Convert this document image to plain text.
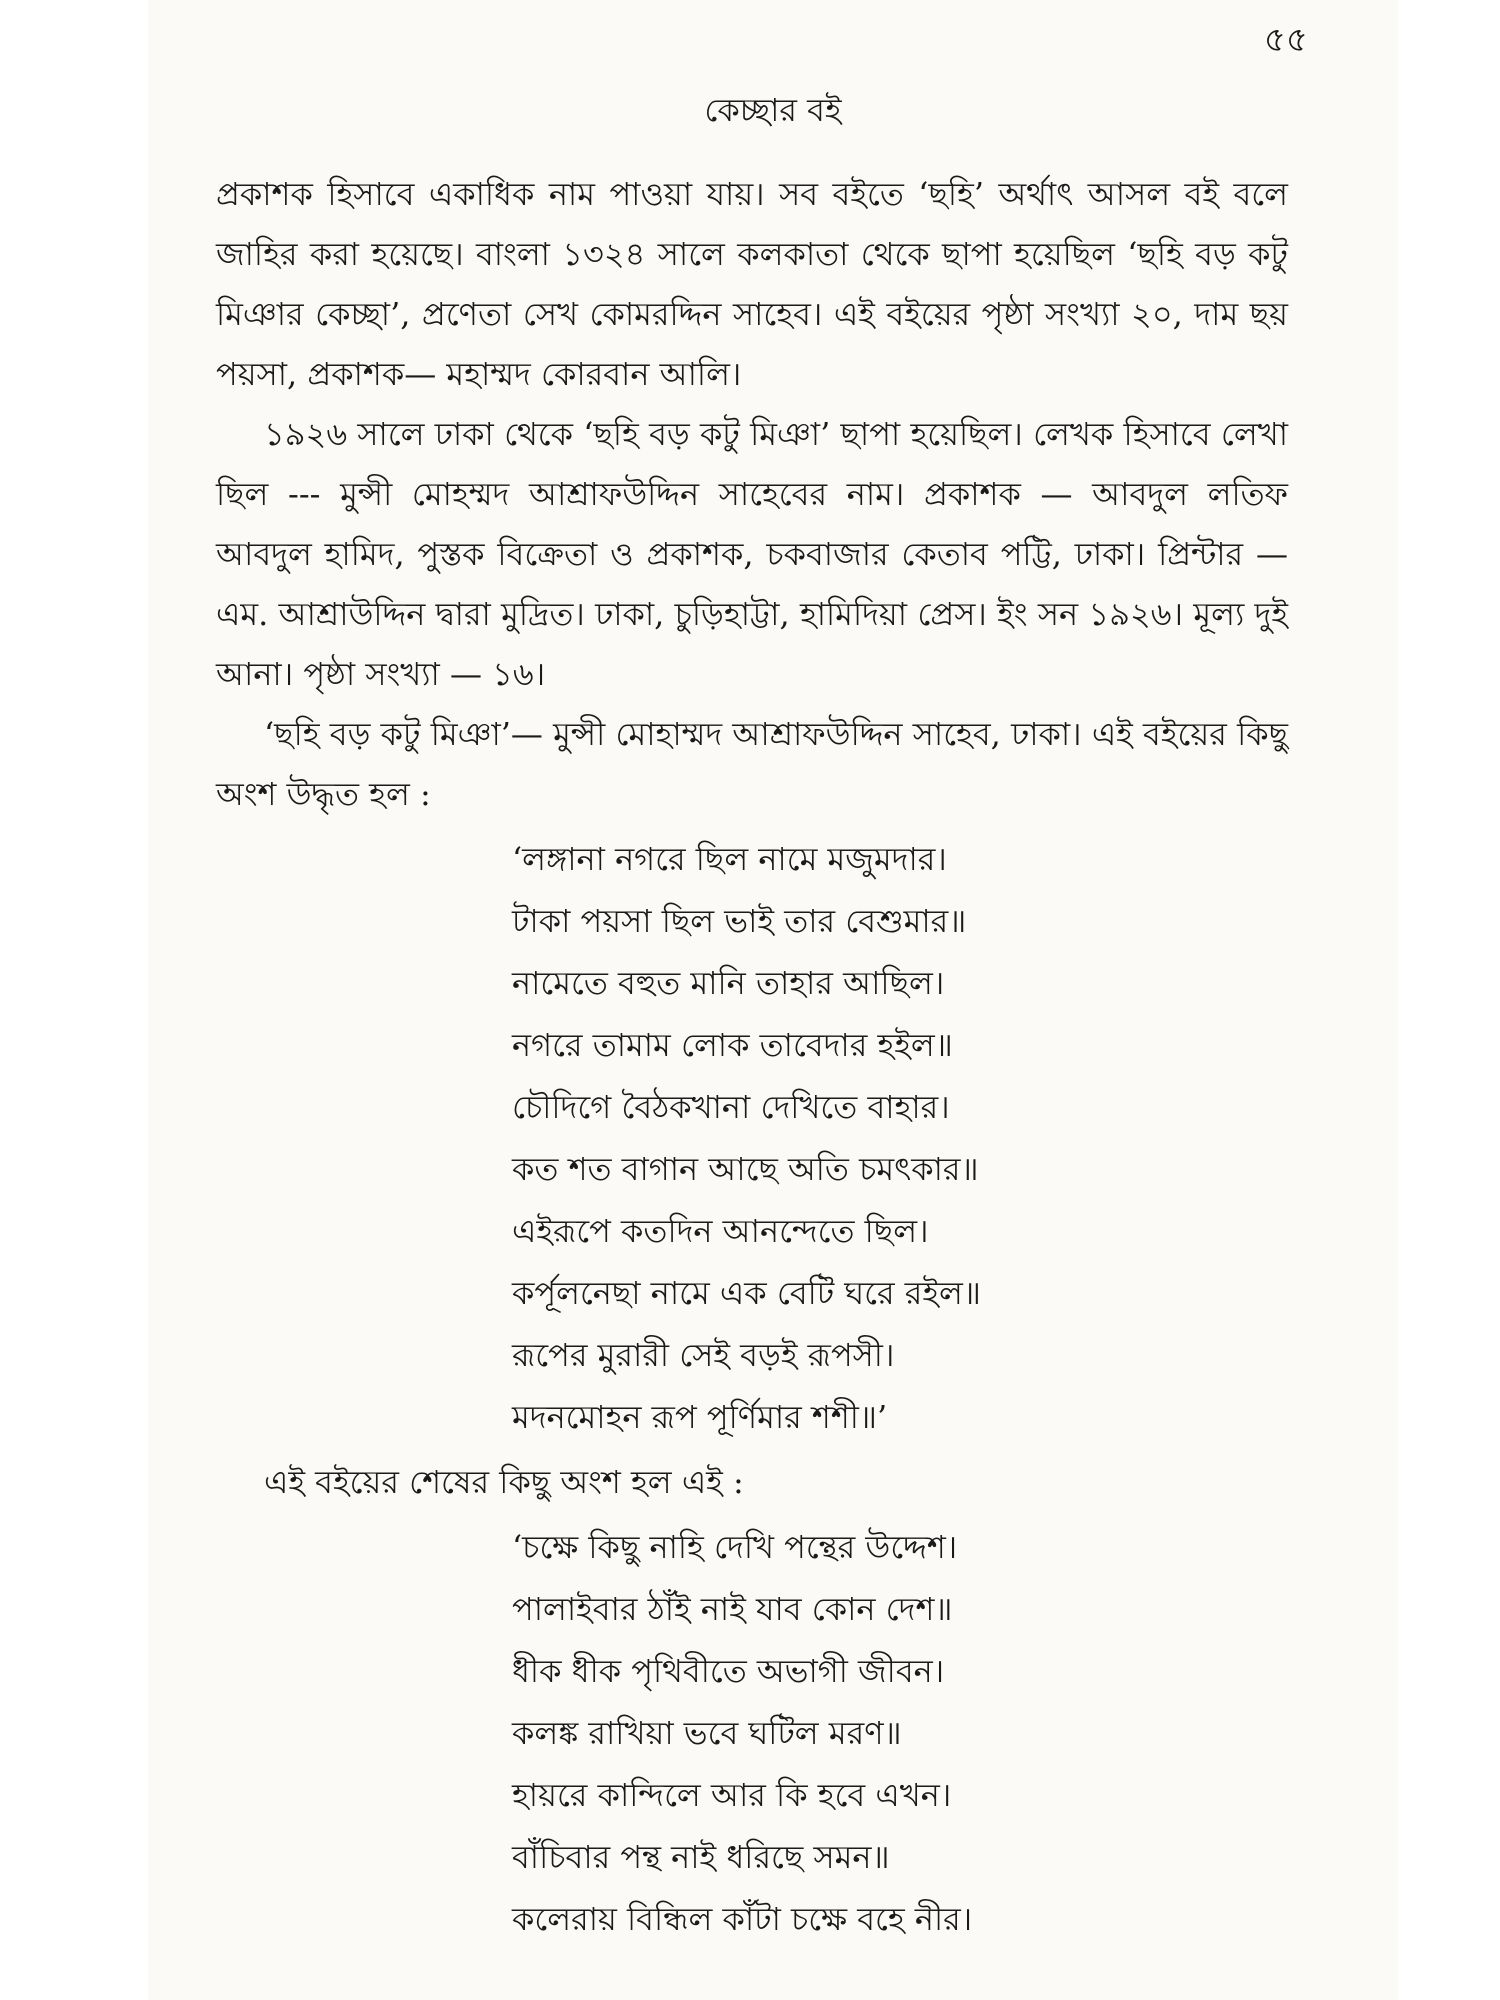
৫৫
কেচ্ছার বই

প্রকাশক হিসাবে একাধিক নাম পাওয়া যায়। সব বইতে ‘ছহি’ অর্থাৎ আসল বই বলে জাহির করা হয়েছে। বাংলা ১৩২৪ সালে কলকাতা থেকে ছাপা হয়েছিল ‘ছহি বড় কটু মিঞার কেচ্ছা’, প্রণেতা সেখ কোমরদ্দিন সাহেব। এই বইয়ের পৃষ্ঠা সংখ্যা ২০, দাম ছয় পয়সা, প্রকাশক— মহাম্মদ কোরবান আলি।

১৯২৬ সালে ঢাকা থেকে ‘ছহি বড় কটু মিঞা’ ছাপা হয়েছিল। লেখক হিসাবে লেখা ছিল --- মুন্সী মোহম্মদ আশ্রাফউদ্দিন সাহেবের নাম। প্রকাশক — আবদুল লতিফ আবদুল হামিদ, পুস্তক বিক্রেতা ও প্রকাশক, চকবাজার কেতাব পট্টি, ঢাকা। প্রিন্টার — এম. আশ্রাউদ্দিন দ্বারা মুদ্রিত। ঢাকা, চুড়িহাট্টা, হামিদিয়া প্রেস। ইং সন ১৯২৬। মূল্য দুই আনা। পৃষ্ঠা সংখ্যা — ১৬।

‘ছহি বড় কটু মিঞা’— মুন্সী মোহাম্মদ আশ্রাফউদ্দিন সাহেব, ঢাকা। এই বইয়ের কিছু অংশ উদ্ধৃত হল :

‘লঙ্গানা নগরে ছিল নামে মজুমদার।
টাকা পয়সা ছিল ভাই তার বেশুমার॥
নামেতে বহুত মানি তাহার আছিল।
নগরে তামাম লোক তাবেদার হইল॥
চৌদিগে বৈঠকখানা দেখিতে বাহার।
কত শত বাগান আছে অতি চমৎকার॥
এইরূপে কতদিন আনন্দেতে ছিল।
কর্পূলনেছা নামে এক বেটি ঘরে রইল॥
রূপের মুরারী সেই বড়ই রূপসী।
মদনমোহন রূপ পূর্ণিমার শশী॥’

এই বইয়ের শেষের কিছু অংশ হল এই :

‘চক্ষে কিছু নাহি দেখি পন্থের উদ্দেশ।
পালাইবার ঠাঁই নাই যাব কোন দেশ॥
ধীক ধীক পৃথিবীতে অভাগী জীবন।
কলঙ্ক রাখিয়া ভবে ঘটিল মরণ॥
হায়রে কান্দিলে আর কি হবে এখন।
বাঁচিবার পন্থ নাই ধরিছে সমন॥
কলেরায় বিন্ধিল কাঁটা চক্ষে বহে নীর।
